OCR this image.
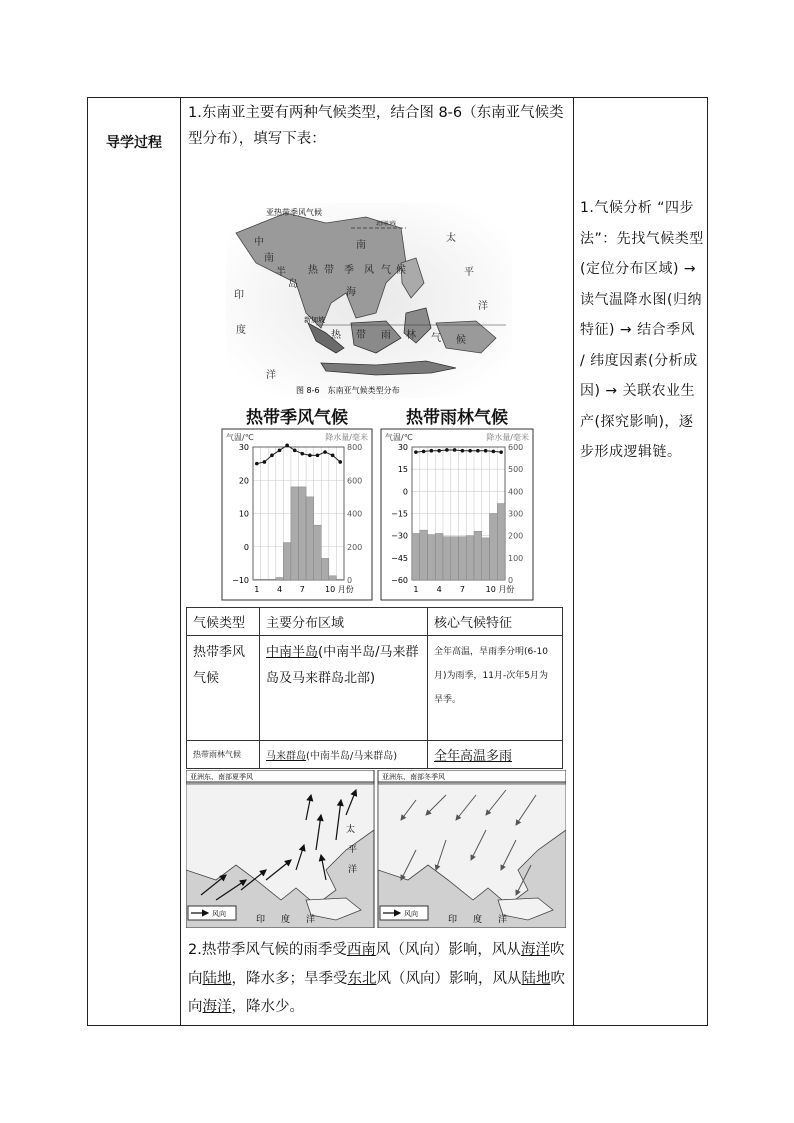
导学过程
1.东南亚主要有两种气候类型，结合图 8-6（东南亚气候类型分布），填写下表：
亚热带季风气候
北回归线
新加坡
中
南
半
岛
热 带 季 风 气 候
热 带 雨 林 气 候
太
平
洋
印
度
洋
南
海
图 8-6　东南亚气候类型分布
热带季风气候
气温/℃	降水量/毫米
30	800
20	600
10	400
0	200
−10	0
1 4 7	10 月份
热带雨林气候
气温/℃	降水量/毫米
30	600
15	500
0	400
−15	300
−30	200
−45	100
−60	0
1 4 7	10 月份
气候类型	主要分布区域	核心气候特征
热带季风气候	中南半岛(中南半岛/马来群岛及马来群岛北部)	全年高温，旱雨季分明(6-10月)为雨季，11月-次年5月为旱季。
热带雨林气候	马来群岛(中南半岛/马来群岛)	全年高温多雨
亚洲东、南部夏季风
太
平
洋
印 度 洋
风向
亚洲东、南部冬季风
印 度 洋
风向
2.热带季风气候的雨季受西南风（风向）影响，风从海洋吹向陆地，降水多；旱季受东北风（风向）影响，风从陆地吹向海洋，降水少。
1.气候分析 “四步法”：先找气候类型(定位分布区域) → 读气温降水图(归纳特征) → 结合季风 / 纬度因素(分析成因) → 关联农业生产(探究影响)，逐步形成逻辑链。
